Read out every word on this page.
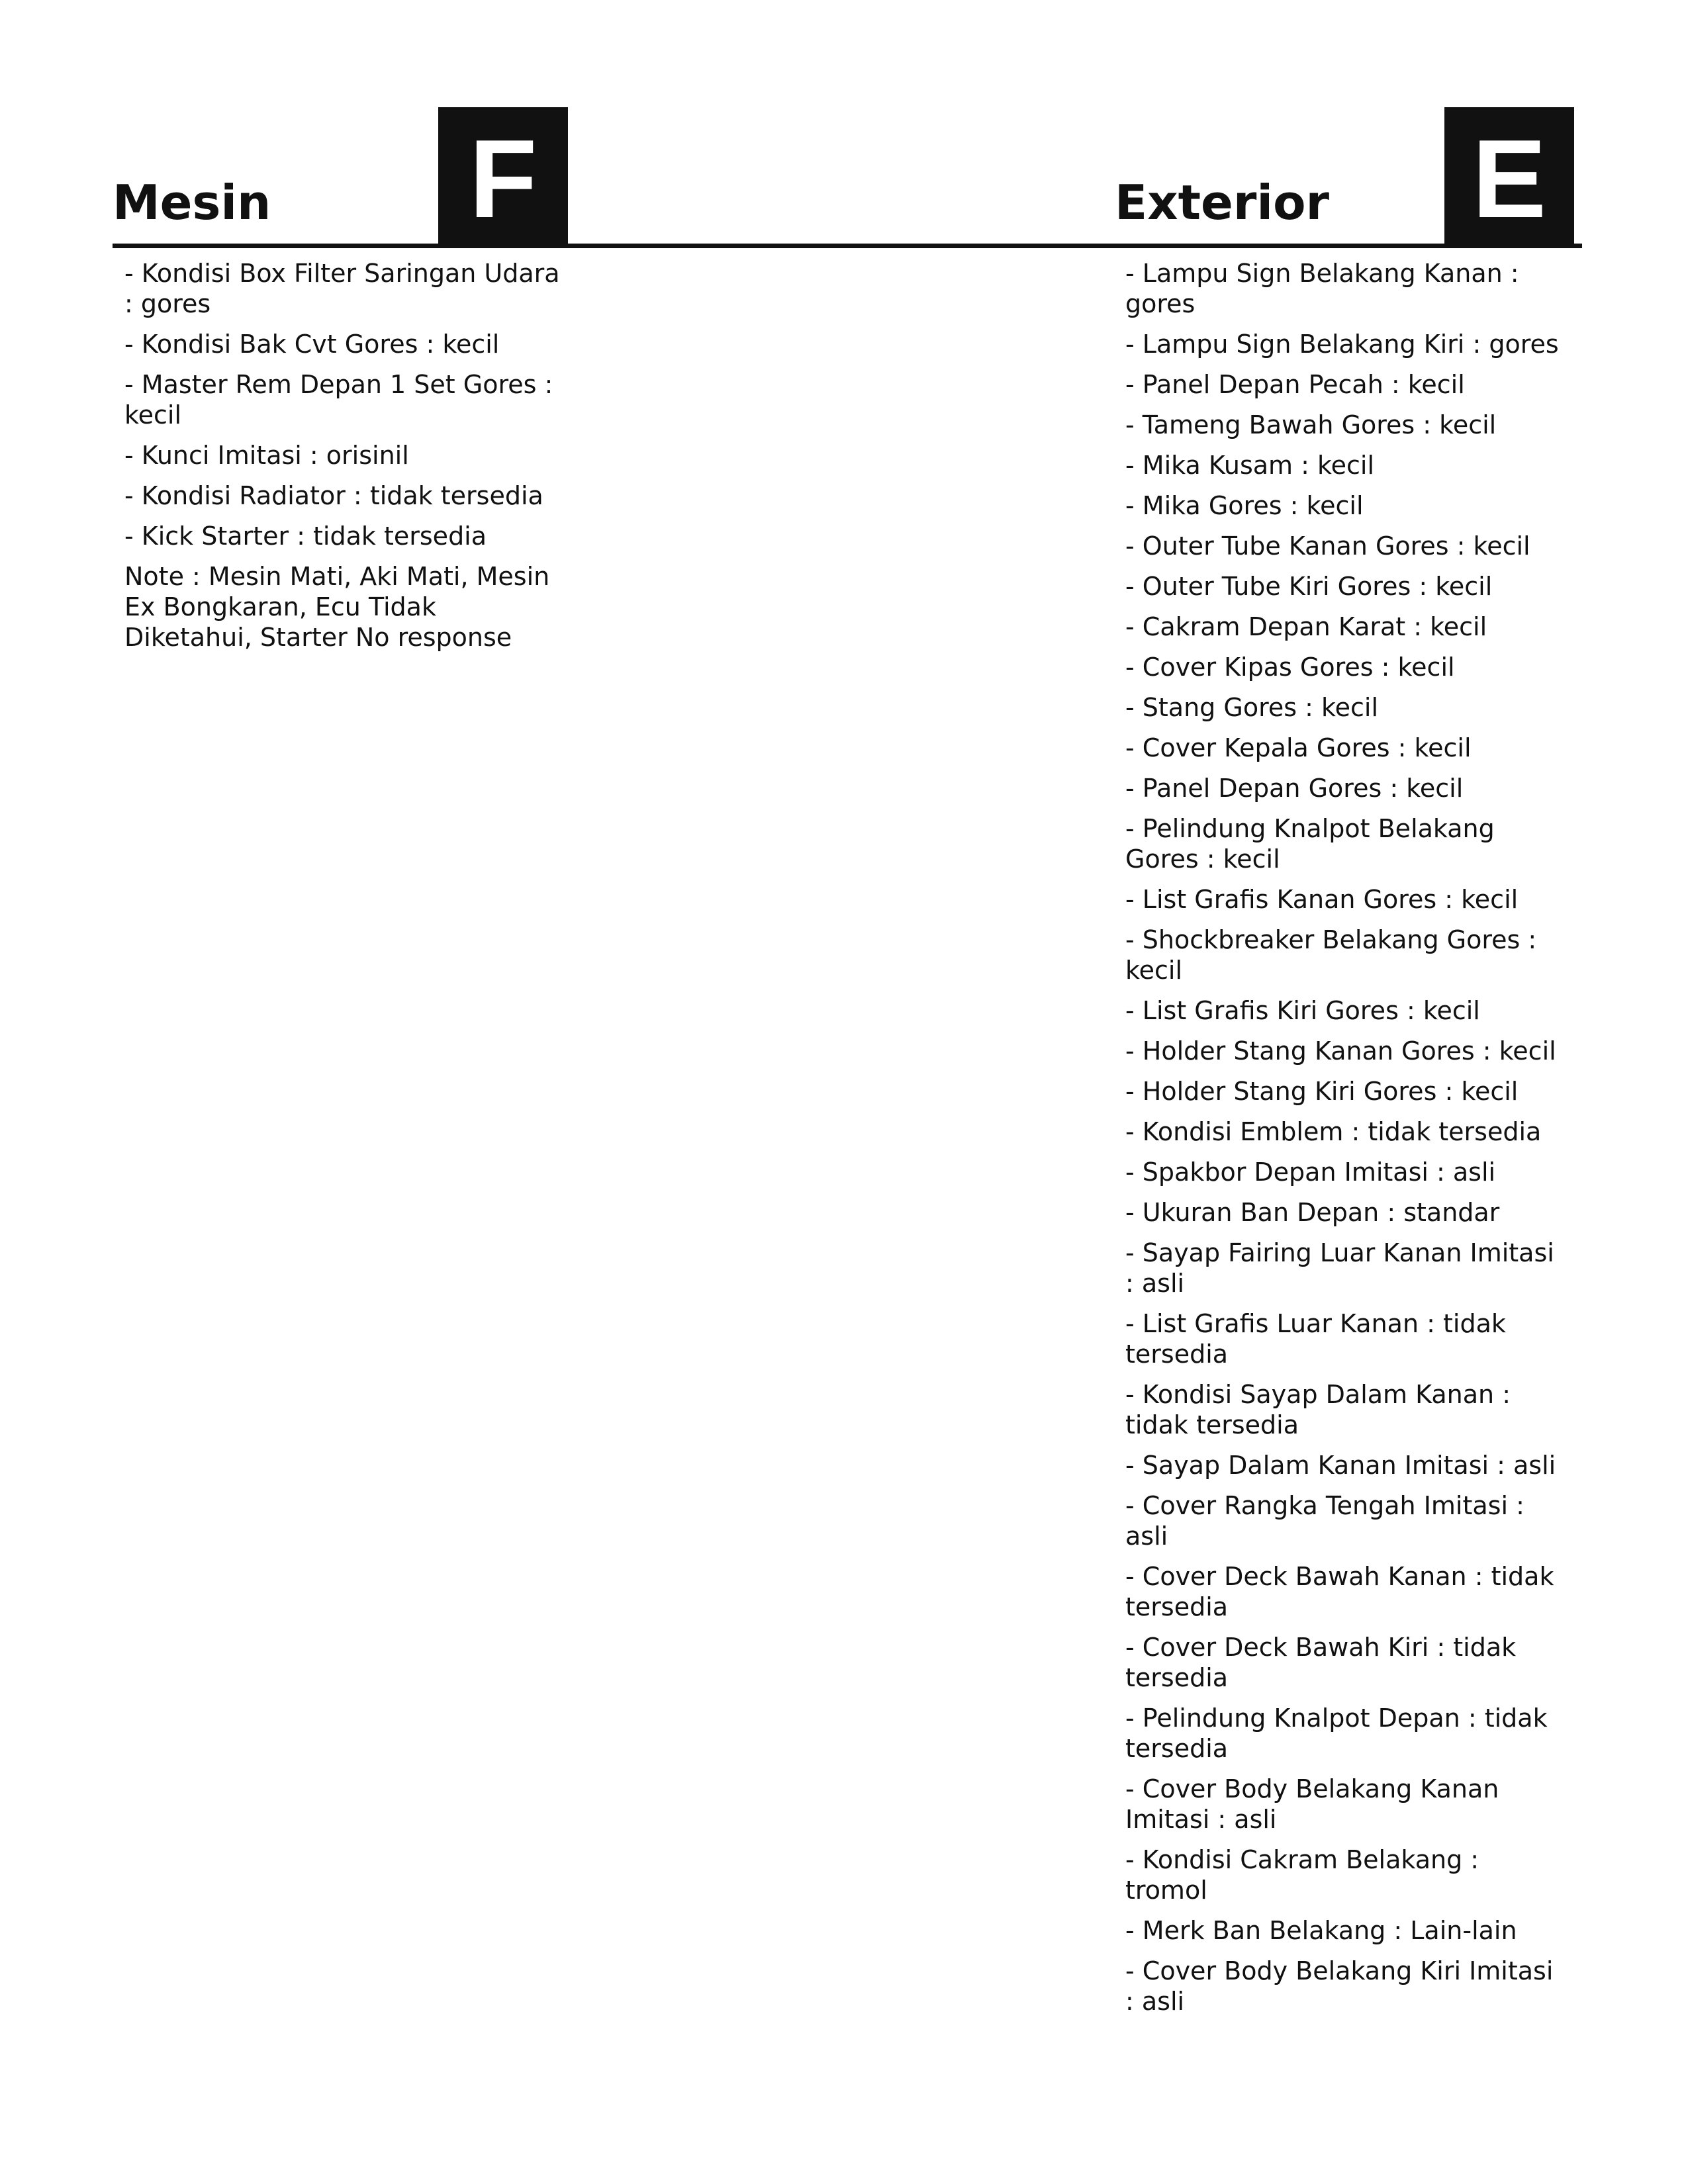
Mesin F	Exterior E
- Kondisi Box Filter Saringan Udara : gores
- Kondisi Bak Cvt Gores : kecil
- Master Rem Depan 1 Set Gores : kecil
- Kunci Imitasi : orisinil
- Kondisi Radiator : tidak tersedia
- Kick Starter : tidak tersedia
Note : Mesin Mati, Aki Mati, Mesin Ex Bongkaran, Ecu Tidak Diketahui, Starter No response
- Lampu Sign Belakang Kanan : gores
- Lampu Sign Belakang Kiri : gores
- Panel Depan Pecah : kecil
- Tameng Bawah Gores : kecil
- Mika Kusam : kecil
- Mika Gores : kecil
- Outer Tube Kanan Gores : kecil
- Outer Tube Kiri Gores : kecil
- Cakram Depan Karat : kecil
- Cover Kipas Gores : kecil
- Stang Gores : kecil
- Cover Kepala Gores : kecil
- Panel Depan Gores : kecil
- Pelindung Knalpot Belakang Gores : kecil
- List Grafis Kanan Gores : kecil
- Shockbreaker Belakang Gores : kecil
- List Grafis Kiri Gores : kecil
- Holder Stang Kanan Gores : kecil
- Holder Stang Kiri Gores : kecil
- Kondisi Emblem : tidak tersedia
- Spakbor Depan Imitasi : asli
- Ukuran Ban Depan : standar
- Sayap Fairing Luar Kanan Imitasi : asli
- List Grafis Luar Kanan : tidak tersedia
- Kondisi Sayap Dalam Kanan : tidak tersedia
- Sayap Dalam Kanan Imitasi : asli
- Cover Rangka Tengah Imitasi : asli
- Cover Deck Bawah Kanan : tidak tersedia
- Cover Deck Bawah Kiri : tidak tersedia
- Pelindung Knalpot Depan : tidak tersedia
- Cover Body Belakang Kanan Imitasi : asli
- Kondisi Cakram Belakang : tromol
- Merk Ban Belakang : Lain-lain
- Cover Body Belakang Kiri Imitasi : asli
